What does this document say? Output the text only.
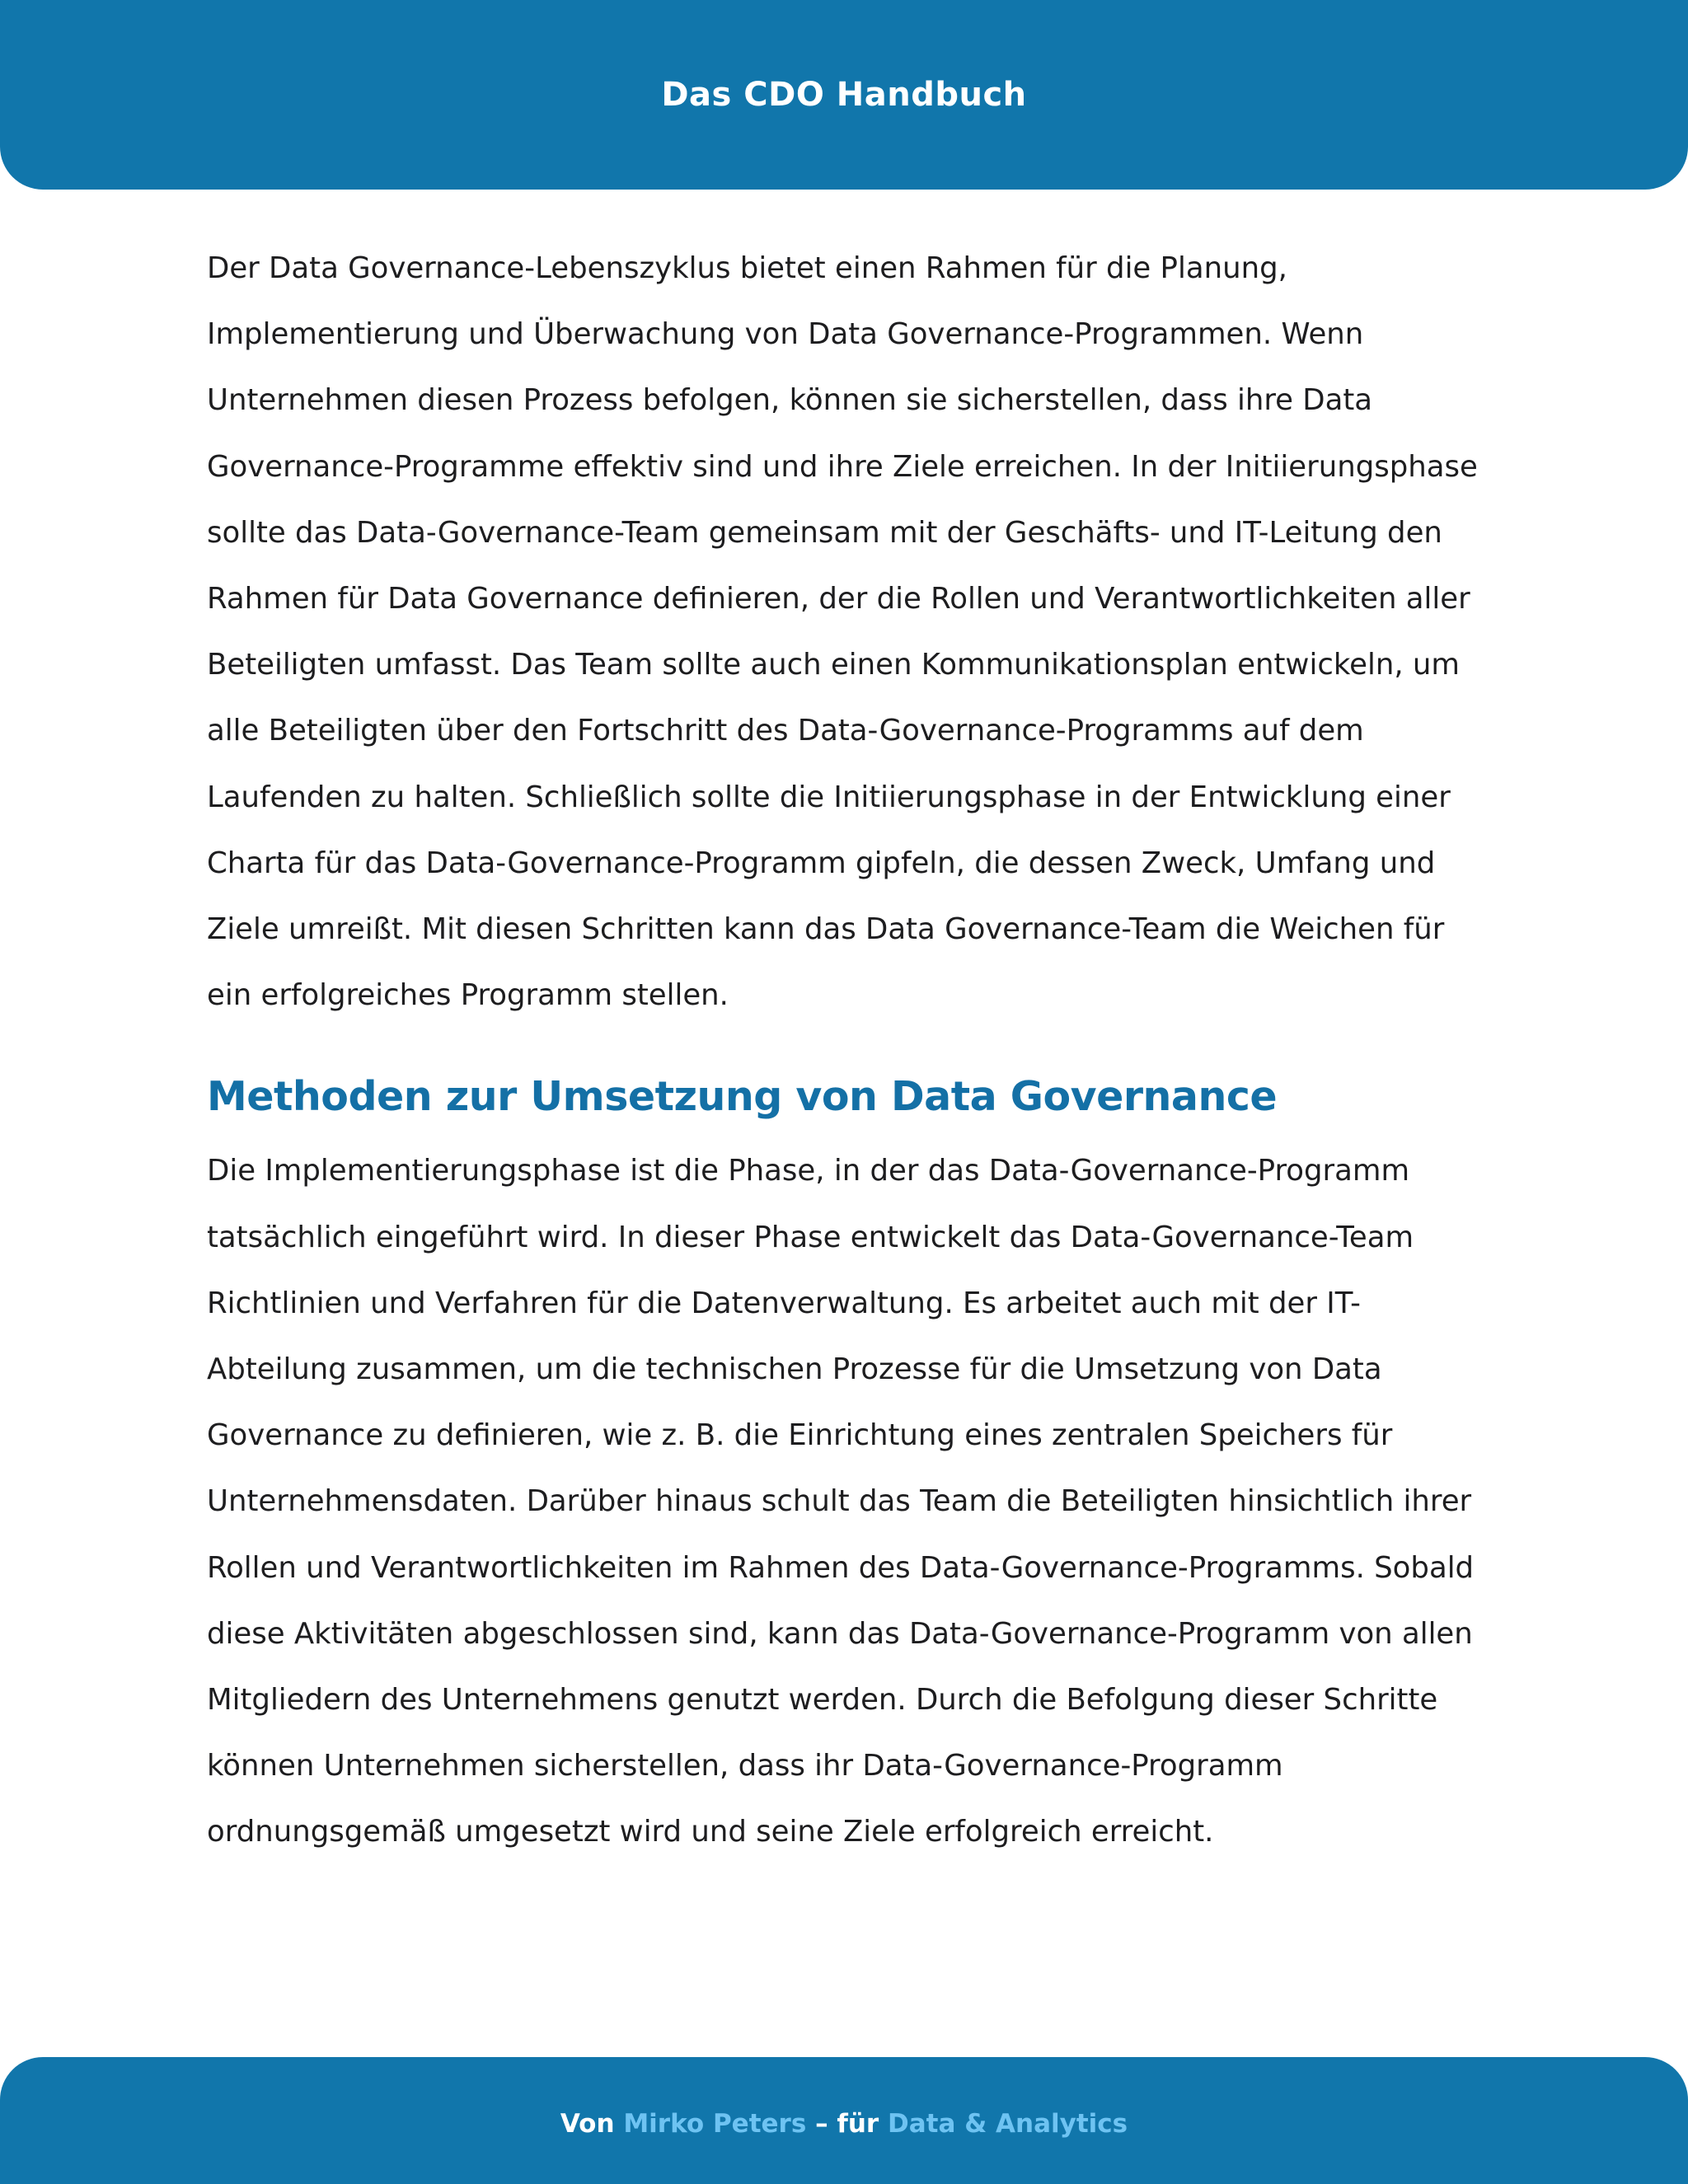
Das CDO Handbuch

Der Data Governance-Lebenszyklus bietet einen Rahmen für die Planung, Implementierung und Überwachung von Data Governance-Programmen. Wenn Unternehmen diesen Prozess befolgen, können sie sicherstellen, dass ihre Data Governance-Programme effektiv sind und ihre Ziele erreichen. In der Initiierungsphase sollte das Data-Governance-Team gemeinsam mit der Geschäfts- und IT-Leitung den Rahmen für Data Governance definieren, der die Rollen und Verantwortlichkeiten aller Beteiligten umfasst. Das Team sollte auch einen Kommunikationsplan entwickeln, um alle Beteiligten über den Fortschritt des Data-Governance-Programms auf dem Laufenden zu halten. Schließlich sollte die Initiierungsphase in der Entwicklung einer Charta für das Data-Governance-Programm gipfeln, die dessen Zweck, Umfang und Ziele umreißt. Mit diesen Schritten kann das Data Governance-Team die Weichen für ein erfolgreiches Programm stellen.

Methoden zur Umsetzung von Data Governance

Die Implementierungsphase ist die Phase, in der das Data-Governance-Programm tatsächlich eingeführt wird. In dieser Phase entwickelt das Data-Governance-Team Richtlinien und Verfahren für die Datenverwaltung. Es arbeitet auch mit der IT-Abteilung zusammen, um die technischen Prozesse für die Umsetzung von Data Governance zu definieren, wie z. B. die Einrichtung eines zentralen Speichers für Unternehmensdaten. Darüber hinaus schult das Team die Beteiligten hinsichtlich ihrer Rollen und Verantwortlichkeiten im Rahmen des Data-Governance-Programms. Sobald diese Aktivitäten abgeschlossen sind, kann das Data-Governance-Programm von allen Mitgliedern des Unternehmens genutzt werden. Durch die Befolgung dieser Schritte können Unternehmen sicherstellen, dass ihr Data-Governance-Programm ordnungsgemäß umgesetzt wird und seine Ziele erfolgreich erreicht.

Von Mirko Peters – für Data & Analytics
